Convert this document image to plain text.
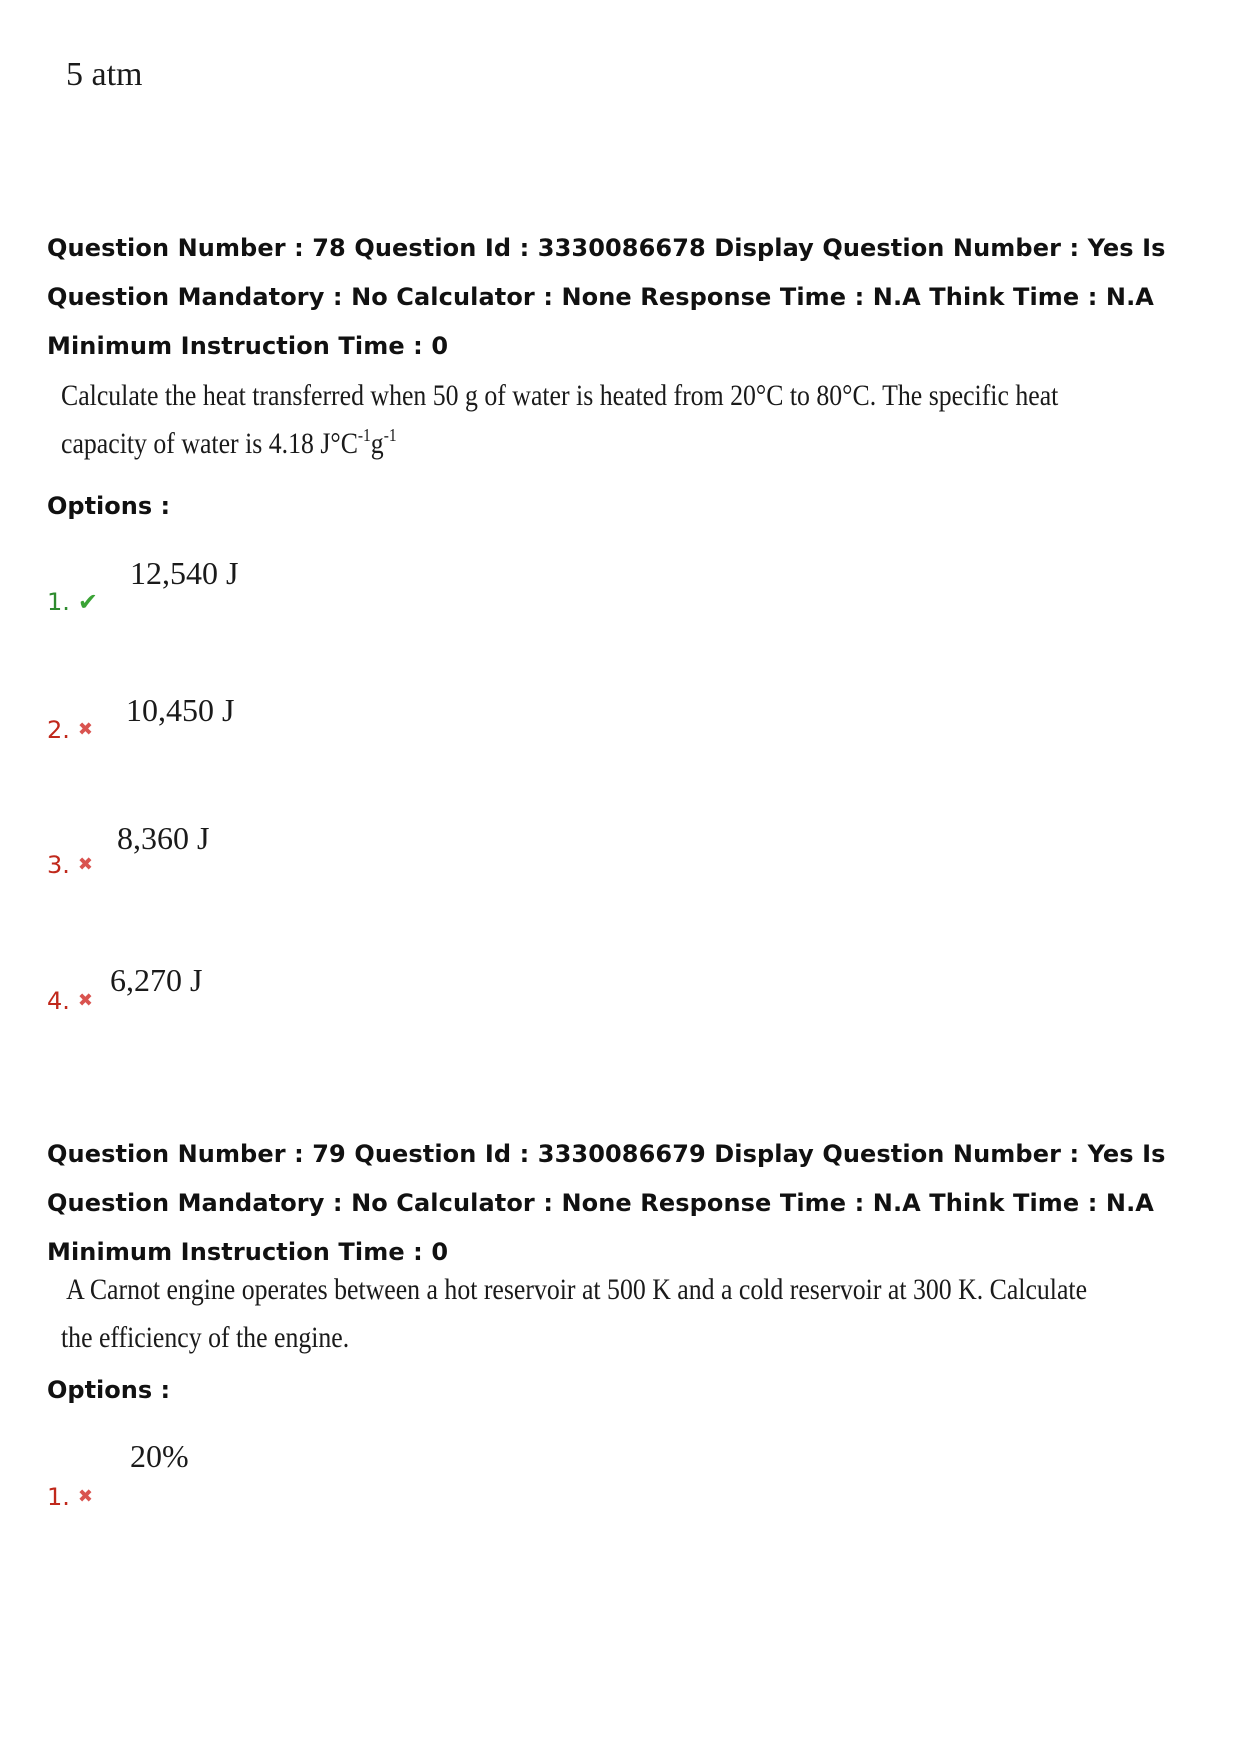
5 atm
Question Number : 78 Question Id : 3330086678 Display Question Number : Yes Is Question Mandatory : No Calculator : None Response Time : N.A Think Time : N.A Minimum Instruction Time : 0
Calculate the heat transferred when 50 g of water is heated from 20°C to 80°C. The specific heat
capacity of water is 4.18 $J^\circ C^{-1}g^{-1}$
Options :
1. ✔
12,540 J
2. ✖
10,450 J
3. ✖
8,360 J
4. ✖
6,270 J
Question Number : 79 Question Id : 3330086679 Display Question Number : Yes Is Question Mandatory : No Calculator : None Response Time : N.A Think Time : N.A Minimum Instruction Time : 0
A Carnot engine operates between a hot reservoir at 500 K and a cold reservoir at 300 K. Calculate
the efficiency of the engine.
Options :
1. ✖
20%
